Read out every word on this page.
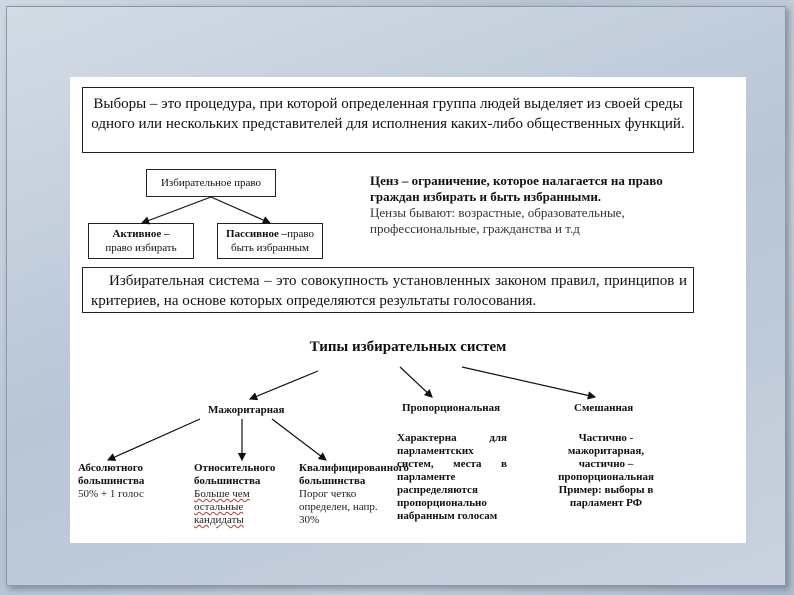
Выборы – это процедура, при которой определенная группа людей выделяет из своей среды одного или нескольких представителей для исполнения каких-либо общественных функций.
Избирательное право
Активное –
право избирать
Пассивное –право
быть избранным
Ценз – ограничение, которое налагается на право граждан избирать и быть избранными.
Цензы бывают: возрастные, образовательные, профессиональные, гражданства и т.д
Избирательная система – это совокупность установленных законом правил, принципов и критериев, на основе которых определяются результаты голосования.
Типы избирательных систем
Мажоритарная	Пропорциональная	Смешанная
Абсолютного большинства
50% + 1 голос
Относительного большинства
Больше чем остальные кандидаты
Квалифицированного большинства
Порог четко определен, напр. 30%
Характерна для парламентских систем, места в парламенте распределяются пропорционально набранным голосам
Частично - мажоритарная, частично – пропорциональная Пример: выборы в парламент РФ
